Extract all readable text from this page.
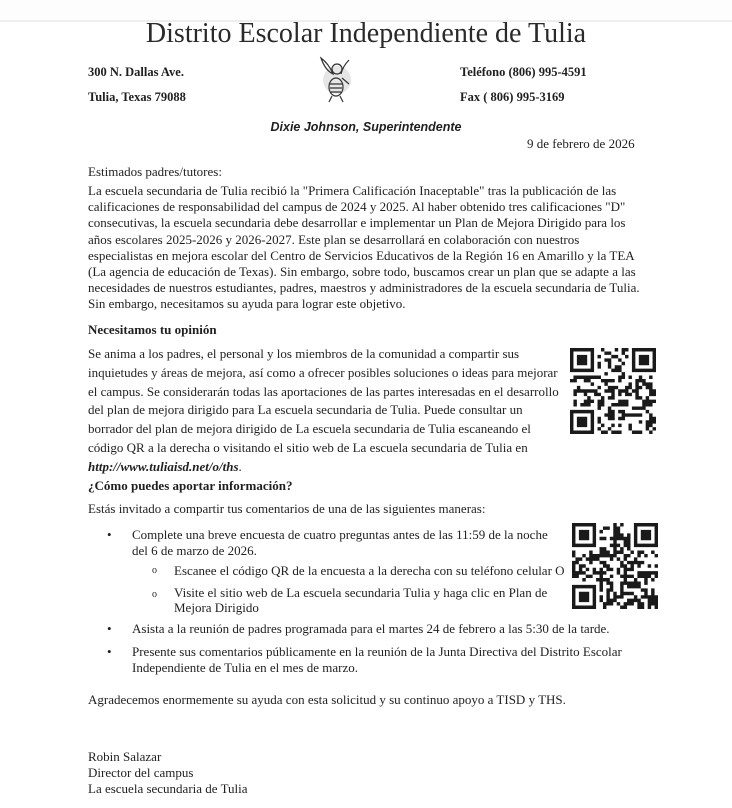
Distrito Escolar Independiente de Tulia
300 N. Dallas Ave.
Tulia, Texas 79088
Teléfono (806) 995-4591
Fax ( 806) 995-3169
Dixie Johnson, Superintendente
9 de febrero de 2026
Estimados padres/tutores:
La escuela secundaria de Tulia recibió la "Primera Calificación Inaceptable" tras la publicación de las
calificaciones de responsabilidad del campus de 2024 y 2025. Al haber obtenido tres calificaciones "D"
consecutivas, la escuela secundaria debe desarrollar e implementar un Plan de Mejora Dirigido para los
años escolares 2025-2026 y 2026-2027. Este plan se desarrollará en colaboración con nuestros
especialistas en mejora escolar del Centro de Servicios Educativos de la Región 16 en Amarillo y la TEA
(La agencia de educación de Texas). Sin embargo, sobre todo, buscamos crear un plan que se adapte a las
necesidades de nuestros estudiantes, padres, maestros y administradores de la escuela secundaria de Tulia.
Sin embargo, necesitamos su ayuda para lograr este objetivo.
Necesitamos tu opinión
Se anima a los padres, el personal y los miembros de la comunidad a compartir sus
inquietudes y áreas de mejora, así como a ofrecer posibles soluciones o ideas para mejorar
el campus. Se considerarán todas las aportaciones de las partes interesadas en el desarrollo
del plan de mejora dirigido para La escuela secundaria de Tulia. Puede consultar un
borrador del plan de mejora dirigido de La escuela secundaria de Tulia escaneando el
código QR a la derecha o visitando el sitio web de La escuela secundaria de Tulia en
http://www.tuliaisd.net/o/ths.
¿Cómo puedes aportar información?
Estás invitado a compartir tus comentarios de una de las siguientes maneras:
• Complete una breve encuesta de cuatro preguntas antes de las 11:59 de la noche
del 6 de marzo de 2026.
o Escanee el código QR de la encuesta a la derecha con su teléfono celular O
o Visite el sitio web de La escuela secundaria Tulia y haga clic en Plan de
Mejora Dirigido
• Asista a la reunión de padres programada para el martes 24 de febrero a las 5:30 de la tarde.
• Presente sus comentarios públicamente en la reunión de la Junta Directiva del Distrito Escolar
Independiente de Tulia en el mes de marzo.
Agradecemos enormemente su ayuda con esta solicitud y su continuo apoyo a TISD y THS.
Robin Salazar
Director del campus
La escuela secundaria de Tulia
